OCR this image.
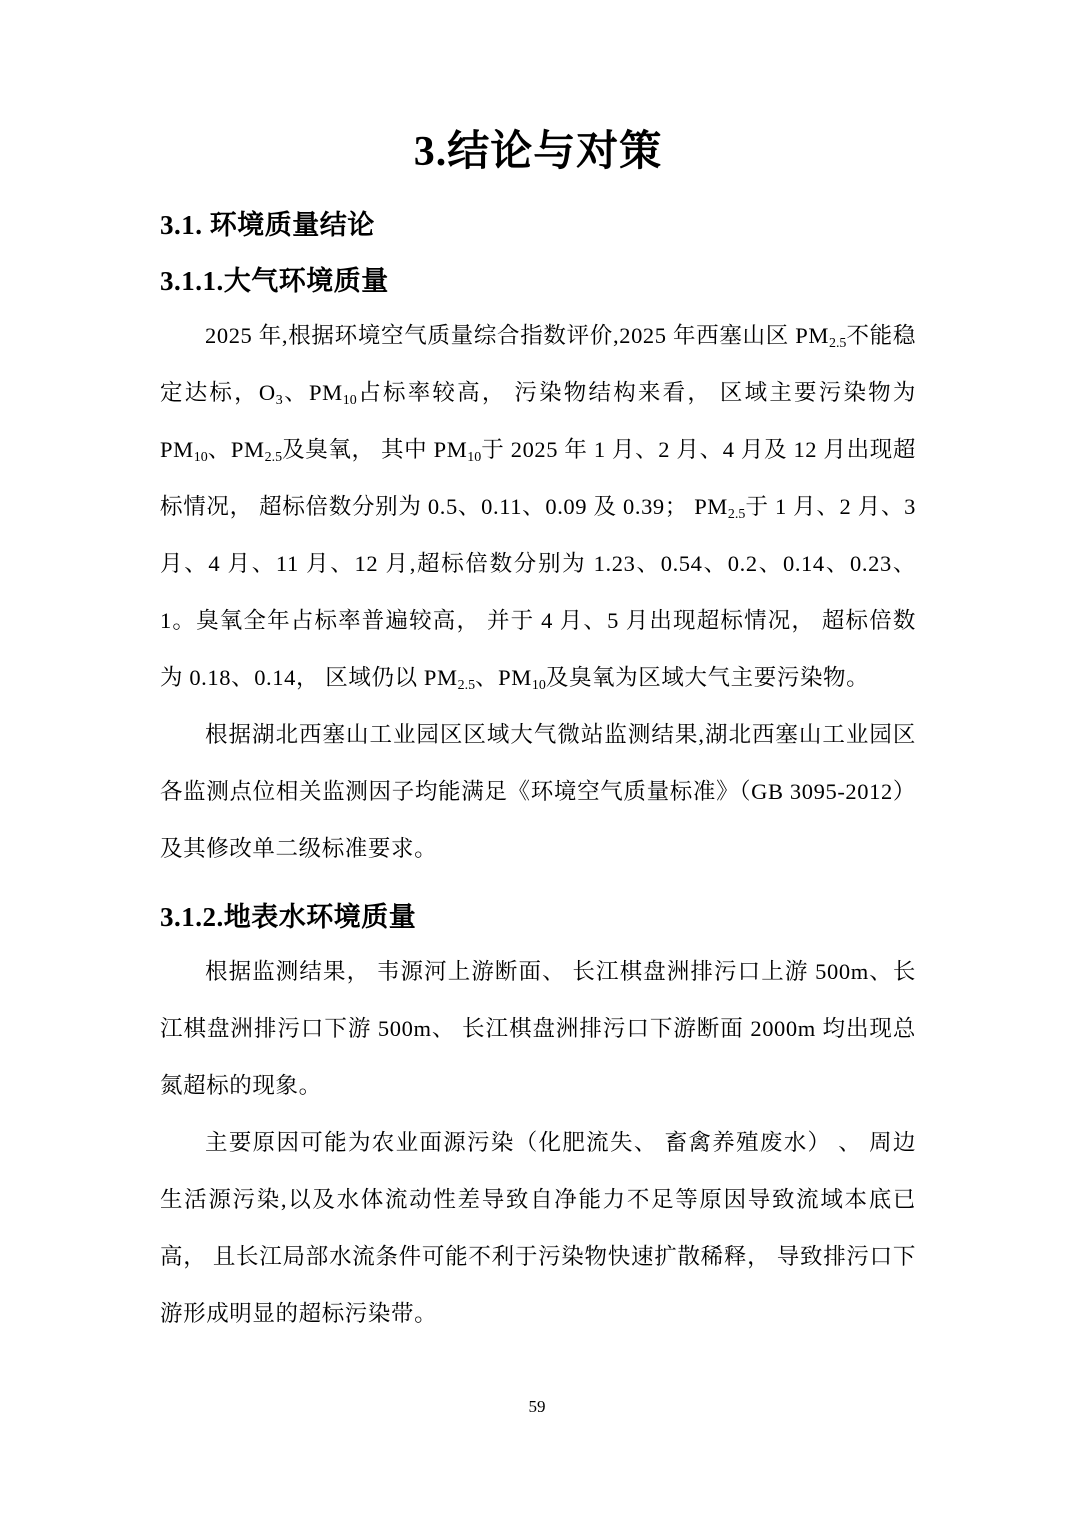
3.结论与对策
3.1. 环境质量结论
3.1.1.大气环境质量

2025 年,根据环境空气质量综合指数评价,2025 年西塞山区 $PM_{2.5}$不能稳定达标，$O_3$、$PM_{10}$占标率较高， 污染物结构来看， 区域主要污染物为 $PM_{10}$、$PM_{2.5}$及臭氧， 其中 $PM_{10}$于 2025 年 1 月、2 月、4 月及 12 月出现超标情况， 超标倍数分别为 0.5、0.11、0.09 及 0.39； $PM_{2.5}$于 1 月、2 月、3 月、4 月、11 月、12 月,超标倍数分别为 1.23、0.54、0.2、0.14、0.23、1。臭氧全年占标率普遍较高， 并于 4 月、5 月出现超标情况， 超标倍数为 0.18、0.14， 区域仍以 $PM_{2.5}$、$PM_{10}$及臭氧为区域大气主要污染物。

根据湖北西塞山工业园区区域大气微站监测结果,湖北西塞山工业园区各监测点位相关监测因子均能满足《环境空气质量标准》（GB 3095-2012）及其修改单二级标准要求。

3.1.2.地表水环境质量

根据监测结果， 韦源河上游断面、 长江棋盘洲排污口上游 500m、长江棋盘洲排污口下游 500m、 长江棋盘洲排污口下游断面 2000m 均出现总氮超标的现象。

主要原因可能为农业面源污染（化肥流失、 畜禽养殖废水） 、 周边生活源污染,以及水体流动性差导致自净能力不足等原因导致流域本底已高， 且长江局部水流条件可能不利于污染物快速扩散稀释， 导致排污口下游形成明显的超标污染带。

59
